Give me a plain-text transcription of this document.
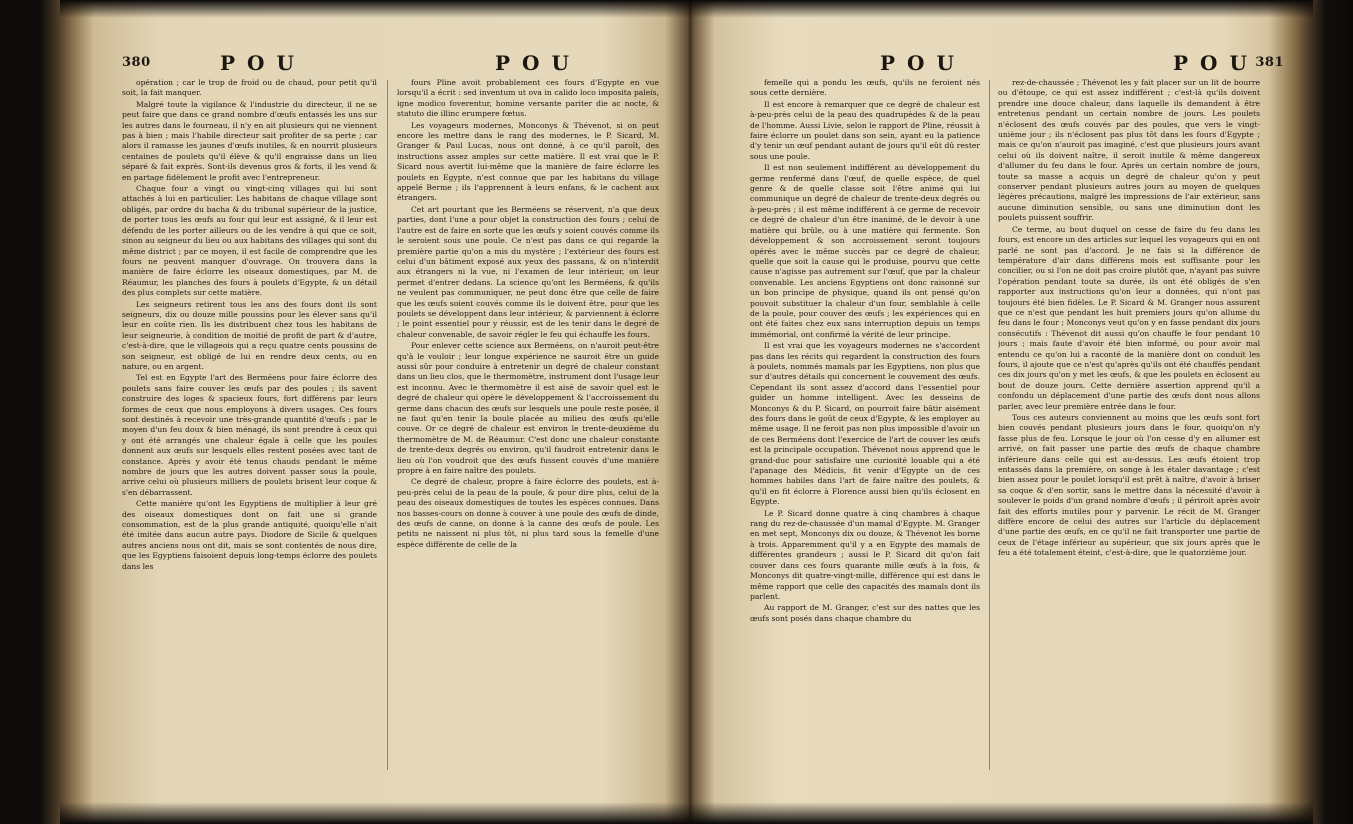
380	POU	POU

opération ; car le trop de froid ou de chaud, pour petit qu'il soit, la fait manquer.

Malgré toute la vigilance & l'industrie du directeur, il ne se peut faire que dans ce grand nombre d'œufs entassés les uns sur les autres dans le fourneau, il n'y en ait plusieurs qui ne viennent pas à bien ; mais l'habile directeur sait profiter de sa perte ; car alors il ramasse les jaunes d'œufs inutiles, & en nourrit plusieurs centaines de poulets qu'il élève & qu'il engraisse dans un lieu séparé & fait exprès. Sont-ils devenus gros & forts, il les vend & en partage fidèlement le profit avec l'entrepreneur.

Chaque four a vingt ou vingt-cinq villages qui lui sont attachés à lui en particulier. Les habitans de chaque village sont obligés, par ordre du bacha & du tribunal supérieur de la justice, de porter tous les œufs au four qui leur est assigné, & il leur est défendu de les porter ailleurs ou de les vendre à qui que ce soit, sinon au seigneur du lieu ou aux habitans des villages qui sont du même district ; par ce moyen, il est facile de comprendre que les fours ne peuvent manquer d'ouvrage. On trouvera dans la manière de faire éclorre les oiseaux domestiques, par M. de Réaumur, les planches des fours à poulets d'Egypte, & un détail des plus complets sur cette matière.

Les seigneurs retirent tous les ans des fours dont ils sont seigneurs, dix ou douze mille poussins pour les élever sans qu'il leur en coûte rien. Ils les distribuent chez tous les habitans de leur seigneurie, à condition de moitié de profit de part & d'autre, c'est-à-dire, que le villageois qui a reçu quatre cents poussins de son seigneur, est obligé de lui en rendre deux cents, ou en nature, ou en argent.

Tel est en Egypte l'art des Berméens pour faire éclorre des poulets sans faire couver les œufs par des poules ; ils savent construire des loges & spacieux fours, fort différens par leurs formes de ceux que nous employons à divers usages. Ces fours sont destinés à recevoir une très-grande quantité d'œufs : par le moyen d'un feu doux & bien ménagé, ils sont prendre à ceux qui y ont été arrangés une chaleur égale à celle que les poules donnent aux œufs sur lesquels elles restent posées avec tant de constance. Après y avoir été tenus chauds pendant le même nombre de jours que les autres doivent passer sous la poule, arrive celui où plusieurs milliers de poulets brisent leur coque & s'en débarrassent.

Cette manière qu'ont les Egyptiens de multiplier à leur gré des oiseaux domestiques dont on fait une si grande consommation, est de la plus grande antiquité, quoiqu'elle n'ait été imitée dans aucun autre pays. Diodore de Sicile & quelques autres anciens nous ont dit, mais se sont contentés de nous dire, que les Egyptiens faisoient depuis long-temps éclorre des poulets dans les

fours Pline avoit probablement ces fours d'Egypte en vue lorsqu'il a écrit : sed inventum ut ova in calido loco imposita paleis, igne modico foverentur, homine versante pariter die ac nocte, & statuto die illinc erumpere fœtus.

Les voyageurs modernes, Monconys & Thévenot, si on peut encore les mettre dans le rang des modernes, le P. Sicard, M. Granger & Paul Lucas, nous ont donné, à ce qu'il paroît, des instructions assez amples sur cette matière. Il est vrai que le P. Sicard nous avertit lui-même que la manière de faire éclorre les poulets en Egypte, n'est connue que par les habitans du village appelé Berme ; ils l'apprennent à leurs enfans, & le cachent aux étrangers.

Cet art pourtant que les Berméens se réservent, n'a que deux parties, dont l'une a pour objet la construction des fours ; celui de l'autre est de faire en sorte que les œufs y soient couvés comme ils le seroient sous une poule. Ce n'est pas dans ce qui regarde la première partie qu'on a mis du mystère ; l'extérieur des fours est celui d'un bâtiment exposé aux yeux des passans, & on n'interdit aux étrangers ni la vue, ni l'examen de leur intérieur, on leur permet d'entrer dedans. La science qu'ont les Berméens, & qu'ils ne veulent pas communiquer, ne peut donc être que celle de faire que les œufs soient couvés comme ils le doivent être, pour que les poulets se développent dans leur intérieur, & parviennent à éclorre ; le point essentiel pour y réussir, est de les tenir dans le degré de chaleur convenable, de savoir régler le feu qui échauffe les fours.

Pour enlever cette science aux Berméens, on n'auroit peut-être qu'à le vouloir ; leur longue expérience ne sauroit être un guide aussi sûr pour conduire à entretenir un degré de chaleur constant dans un lieu clos, que le thermomètre, instrument dont l'usage leur est inconnu. Avec le thermomètre il est aisé de savoir quel est le degré de chaleur qui opère le développement & l'accroissement du germe dans chacun des œufs sur lesquels une poule reste posée, il ne faut qu'en tenir la boule placée au milieu des œufs qu'elle couve. Or ce degré de chaleur est environ le trente-deuxième du thermomètre de M. de Réaumur. C'est donc une chaleur constante de trente-deux degrés ou environ, qu'il faudroit entretenir dans le lieu où l'on voudroit que des œufs fussent couvés d'une manière propre à en faire naître des poulets.

Ce degré de chaleur, propre à faire éclorre des poulets, est à-peu-près celui de la peau de la poule, & pour dire plus, celui de la peau des oiseaux domestiques de toutes les espèces connues. Dans nos basses-cours on donne à couver à une poule des œufs de dinde, des œufs de canne, on donne à la canne des œufs de poule. Les petits ne naissent ni plus tôt, ni plus tard sous la femelle d'une espèce différente de celle de la

POU	POU
381

femelle qui a pondu les œufs, qu'ils ne feroient nés sous cette dernière.

Il est encore à remarquer que ce degré de chaleur est à-peu-près celui de la peau des quadrupèdes & de la peau de l'homme. Aussi Livie, selon le rapport de Pline, réussit à faire éclorre un poulet dans son sein, ayant eu la patience d'y tenir un œuf pendant autant de jours qu'il eût dû rester sous une poule.

Il est non seulement indifférent au développement du germe renfermé dans l'œuf, de quelle espèce, de quel genre & de quelle classe soit l'être animé qui lui communique un degré de chaleur de trente-deux degrés ou à-peu-près ; il est même indifférent à ce germe de recevoir ce degré de chaleur d'un être inanimé, de le devoir à une matière qui brûle, ou à une matière qui fermente. Son développement & son accroissement seront toujours opérés avec le même succès par ce degré de chaleur, quelle que soit la cause qui le produise, pourvu que cette cause n'agisse pas autrement sur l'œuf, que par la chaleur convenable. Les anciens Egyptiens ont donc raisonné sur un bon principe de physique, quand ils ont pensé qu'on pouvoit substituer la chaleur d'un four, semblable à celle de la poule, pour couver des œufs ; les expériences qui en ont été faites chez eux sans interruption depuis un temps immémorial, ont confirmé la vérité de leur principe.

Il est vrai que les voyageurs modernes ne s'accordent pas dans les récits qui regardent la construction des fours à poulets, nommés mamals par les Egyptiens, non plus que sur d'autres détails qui concernent le couvement des œufs. Cependant ils sont assez d'accord dans l'essentiel pour guider un homme intelligent. Avec les desseins de Monconys & du P. Sicard, on pourroit faire bâtir aisément des fours dans le goût de ceux d'Egypte, & les employer au même usage. Il ne feroit pas non plus impossible d'avoir un de ces Berméens dont l'exercice de l'art de couver les œufs est la principale occupation. Thévenot nous apprend que le grand-duc pour satisfaire une curiosité louable qui a été l'apanage des Médicis, fit venir d'Egypte un de ces hommes habiles dans l'art de faire naître des poulets, & qu'il en fit éclorre à Florence aussi bien qu'ils éclosent en Egypte.

Le P. Sicard donne quatre à cinq chambres à chaque rang du rez-de-chaussée d'un mamal d'Egypte. M. Granger en met sept, Monconys dix ou douze, & Thévenot les borne à trois. Apparemment qu'il y a en Egypte des mamals de différentes grandeurs ; aussi le P. Sicard dit qu'on fait couver dans ces fours quarante mille œufs à la fois, & Monconys dit quatre-vingt-mille, différence qui est dans le même rapport que celle des capacités des mamals dont ils parlent.

Au rapport de M. Granger, c'est sur des nattes que les œufs sont posés dans chaque chambre du

rez-de-chaussée ; Thévenot les y fait placer sur un lit de bourre ou d'étoupe, ce qui est assez indifférent ; c'est-là qu'ils doivent prendre une douce chaleur, dans laquelle ils demandent à être entretenus pendant un certain nombre de jours. Les poulets n'éclosent des œufs couvés par des poules, que vers le vingt-unième jour ; ils n'éclosent pas plus tôt dans les fours d'Egypte ; mais ce qu'on n'auroit pas imaginé, c'est que plusieurs jours avant celui où ils doivent naître, il seroit inutile & même dangereux d'allumer du feu dans le four. Après un certain nombre de jours, toute sa masse a acquis un degré de chaleur qu'on y peut conserver pendant plusieurs autres jours au moyen de quelques légères précautions, malgré les impressions de l'air extérieur, sans aucune diminution sensible, ou sans une diminution dont les poulets puissent souffrir.

Ce terme, au bout duquel on cesse de faire du feu dans les fours, est encore un des articles sur lequel les voyageurs qui en ont parlé ne sont pas d'accord. Je ne fais si la différence de température d'air dans différens mois est suffisante pour les concilier, ou si l'on ne doit pas croire plutôt que, n'ayant pas suivre l'opération pendant toute sa durée, ils ont été obligés de s'en rapporter aux instructions qu'on leur a données, qui n'ont pas toujours été bien fidèles. Le P. Sicard & M. Granger nous assurent que ce n'est que pendant les huit premiers jours qu'on allume du feu dans le four ; Monconys veut qu'on y en fasse pendant dix jours consécutifs : Thévenot dit aussi qu'on chauffe le four pendant 10 jours ; mais faute d'avoir été bien informé, ou pour avoir mal entendu ce qu'on lui a raconté de la manière dont on conduit les fours, il ajoute que ce n'est qu'après qu'ils ont été chauffés pendant ces dix jours qu'on y met les œufs, & que les poulets en éclosent au bout de douze jours. Cette dernière assertion apprend qu'il a confondu un déplacement d'une partie des œufs dont nous allons parler, avec leur première entrée dans le four.

Tous ces auteurs conviennent au moins que les œufs sont fort bien couvés pendant plusieurs jours dans le four, quoiqu'on n'y fasse plus de feu. Lorsque le jour où l'on cesse d'y en allumer est arrivé, on fait passer une partie des œufs de chaque chambre inférieure dans celle qui est au-dessus. Les œufs étoient trop entassés dans la première, on songe à les étaler davantage ; c'est bien assez pour le poulet lorsqu'il est prêt à naître, d'avoir à briser sa coque & d'en sortir, sans le mettre dans la nécessité d'avoir à soulever le poids d'un grand nombre d'œufs ; il périroit après avoir fait des efforts inutiles pour y parvenir. Le récit de M. Granger diffère encore de celui des autres sur l'article du déplacement d'une partie des œufs, en ce qu'il ne fait transporter une partie de ceux de l'étage inférieur au supérieur, que six jours après que le feu a été totalement éteint, c'est-à-dire, que le quatorzième jour.
